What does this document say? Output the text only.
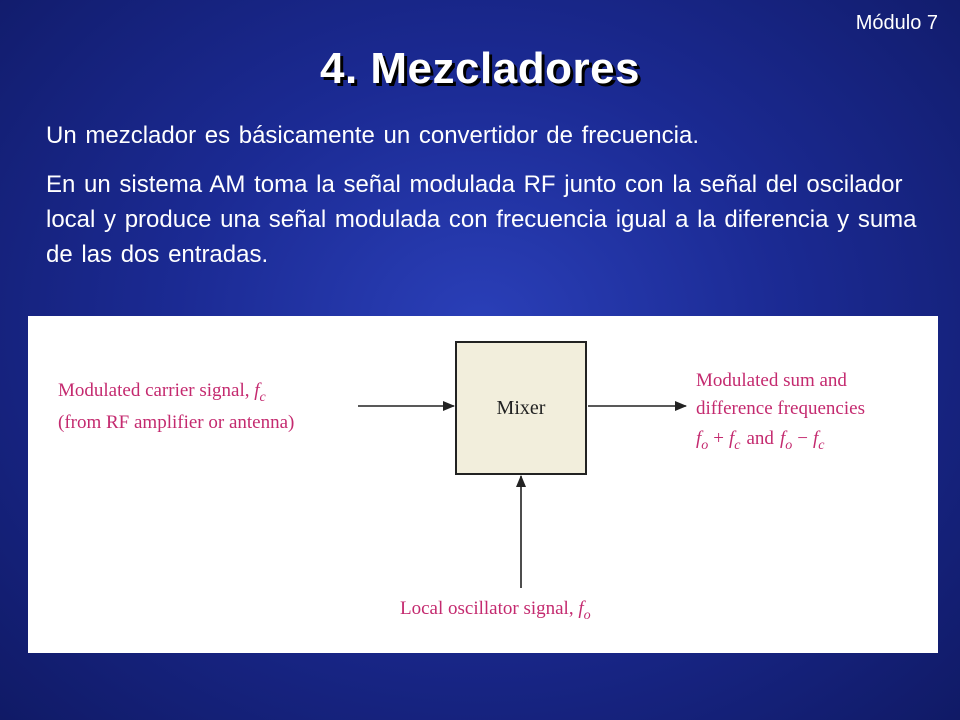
Módulo 7
4. Mezcladores
Un mezclador es básicamente un convertidor de frecuencia.
En un sistema AM toma la señal modulada RF junto con la señal del oscilador local y produce una señal modulada con frecuencia igual a la diferencia y suma de las dos entradas.
Mixer
Modulated carrier signal, $f_c$
(from RF amplifier or antenna)
Modulated sum and
difference frequencies
$f_o + f_c$ and $f_o - f_c$
Local oscillator signal, $f_o$
